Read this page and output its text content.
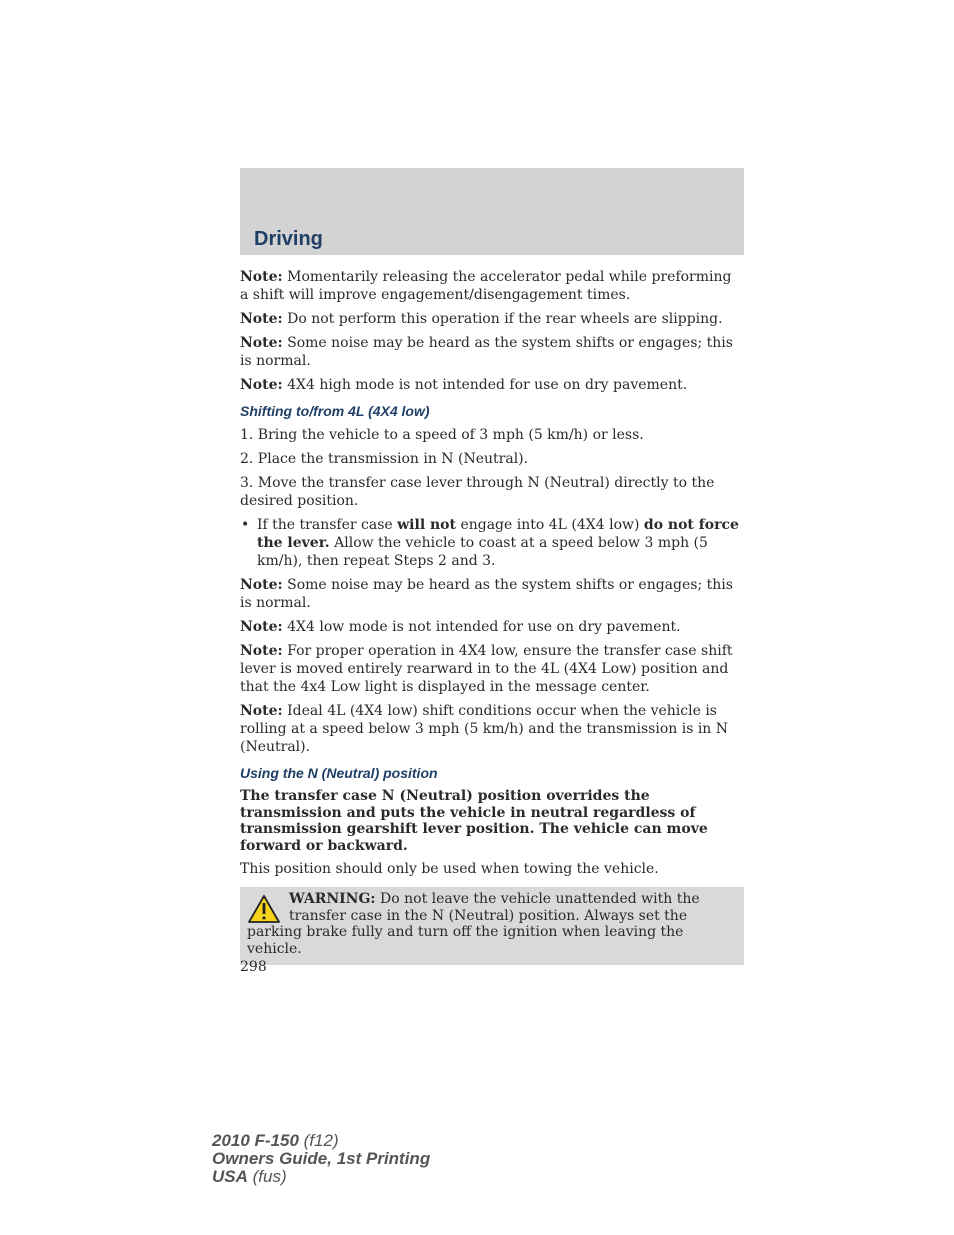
Driving

Note: Momentarily releasing the accelerator pedal while preforming a shift will improve engagement/disengagement times.

Note: Do not perform this operation if the rear wheels are slipping.

Note: Some noise may be heard as the system shifts or engages; this is normal.

Note: 4X4 high mode is not intended for use on dry pavement.

Shifting to/from 4L (4X4 low)

1. Bring the vehicle to a speed of 3 mph (5 km/h) or less.

2. Place the transmission in N (Neutral).

3. Move the transfer case lever through N (Neutral) directly to the desired position.

• If the transfer case will not engage into 4L (4X4 low) do not force the lever. Allow the vehicle to coast at a speed below 3 mph (5 km/h), then repeat Steps 2 and 3.

Note: Some noise may be heard as the system shifts or engages; this is normal.

Note: 4X4 low mode is not intended for use on dry pavement.

Note: For proper operation in 4X4 low, ensure the transfer case shift lever is moved entirely rearward in to the 4L (4X4 Low) position and that the 4x4 Low light is displayed in the message center.

Note: Ideal 4L (4X4 low) shift conditions occur when the vehicle is rolling at a speed below 3 mph (5 km/h) and the transmission is in N (Neutral).

Using the N (Neutral) position

The transfer case N (Neutral) position overrides the transmission and puts the vehicle in neutral regardless of transmission gearshift lever position. The vehicle can move forward or backward.

This position should only be used when towing the vehicle.

WARNING: Do not leave the vehicle unattended with the transfer case in the N (Neutral) position. Always set the parking brake fully and turn off the ignition when leaving the vehicle.
298
2010 F-150 (f12)
Owners Guide, 1st Printing
USA (fus)
